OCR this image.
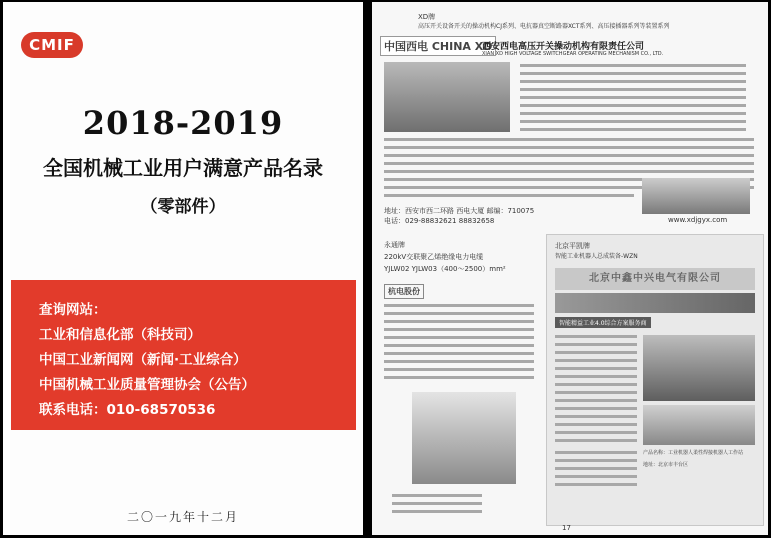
CMIF
2018-2019
全国机械工业用户满意产品名录
（零部件）
查询网站：
工业和信息化部（科技司）
中国工业新闻网（新闻·工业综合）
中国机械工业质量管理协会（公告）
联系电话：010-68570536
二〇一九年十二月
XD牌
高压开关设备开关的操动机构CJ系列、电抗器真空断路器XCT系列、高压接插器系列等装置系列
中国西电 CHINA XD
西安西电高压开关操动机构有限责任公司
XIAN XD HIGH VOLTAGE SWITCHGEAR OPERATING MECHANISM CO., LTD.
地址：西安市西二环路 西电大厦 邮编：710075
电话：029-88832621 88832658	www.xdjgyx.com
永通牌
220kV交联聚乙烯绝缘电力电缆
YJLW02 YJLW03（400～2500）mm²
杭电股份
北京平凯牌
智能工业机器人总成装备-WZN
北京中鑫中兴电气有限公司
智能精益工业4.0综合方案服务商
产品名称：工业机器人柔性焊接机器人工作站
地址：北京市丰台区
17
